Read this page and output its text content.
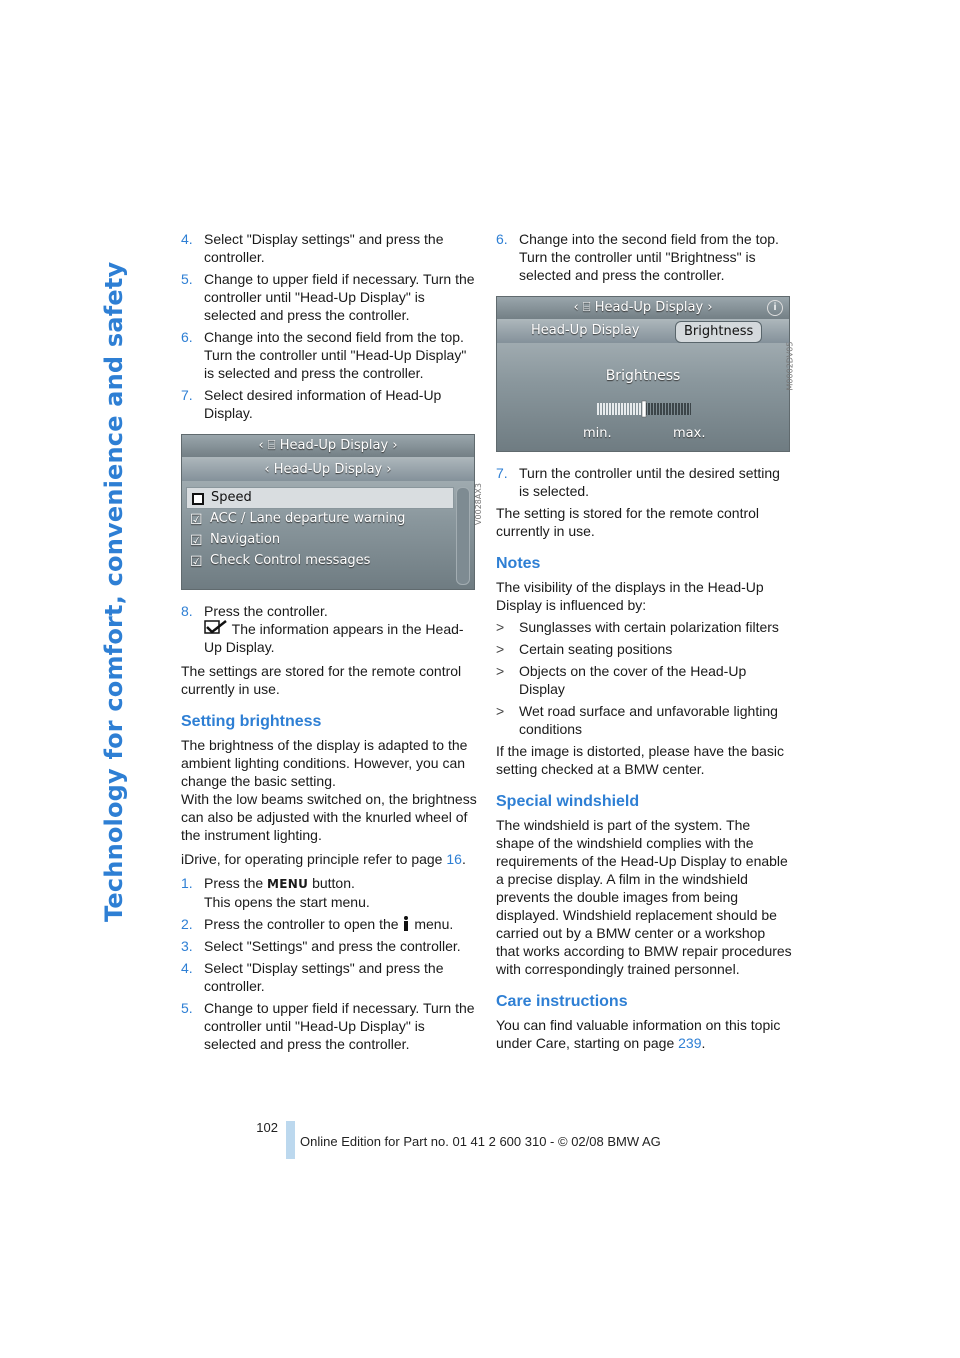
Technology for comfort, convenience and safety
4. Select "Display settings" and press the controller.
5. Change to upper field if necessary. Turn the controller until "Head-Up Display" is selected and press the controller.
6. Change into the second field from the top. Turn the controller until "Head-Up Display" is selected and press the controller.
7. Select desired information of Head-Up Display.
‹ ⌸ Head-Up Display ›
‹ Head-Up Display ›
Speed
☑ ACC / Lane departure warning
☑ Navigation
☑ Check Control messages
V0028AX3
8. Press the controller.

The information appears in the Head-Up Display.

The settings are stored for the remote control currently in use.

Setting brightness

The brightness of the display is adapted to the ambient lighting conditions. However, you can change the basic setting.

With the low beams switched on, the brightness can also be adjusted with the knurled wheel of the instrument lighting.

iDrive, for operating principle refer to page 16.

1. Press the MENU button.
This opens the start menu.
2. Press the controller to open the menu.
3. Select "Settings" and press the controller.
4. Select "Display settings" and press the controller.
5. Change to upper field if necessary. Turn the controller until "Head-Up Display" is selected and press the controller.
6. Change into the second field from the top. Turn the controller until "Brightness" is selected and press the controller.
‹ ⌸ Head-Up Display ›	i
Head-Up Display	Brightness
Brightness
min.	max.
M0002DV05
7. Turn the controller until the desired setting is selected.

The setting is stored for the remote control currently in use.

Notes

The visibility of the displays in the Head-Up Display is influenced by:

>	Sunglasses with certain polarization filters
>	Certain seating positions
>	Objects on the cover of the Head-Up Display
>	Wet road surface and unfavorable lighting conditions

If the image is distorted, please have the basic setting checked at a BMW center.

Special windshield

The windshield is part of the system. The shape of the windshield complies with the requirements of the Head-Up Display to enable a precise display. A film in the windshield prevents the double images from being displayed. Windshield replacement should be carried out by a BMW center or a workshop that works according to BMW repair procedures with correspondingly trained personnel.

Care instructions

You can find valuable information on this topic under Care, starting on page 239.

102
Online Edition for Part no. 01 41 2 600 310 - © 02/08 BMW AG
